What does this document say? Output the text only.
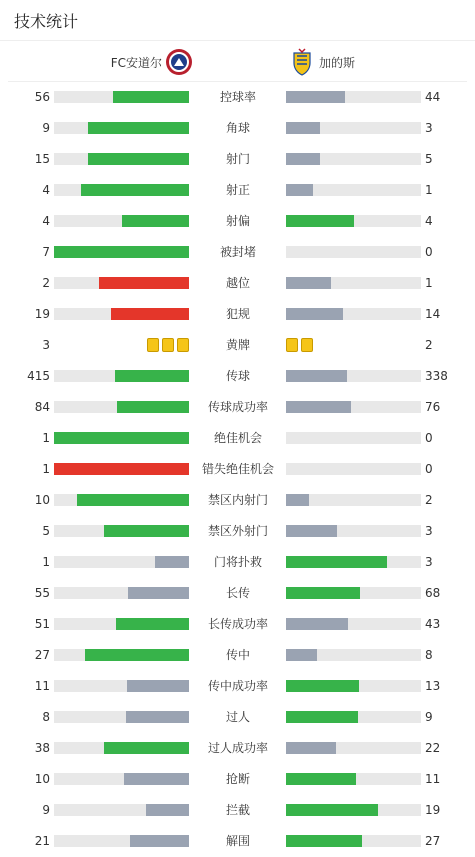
技术统计
FC安道尔	加的斯
56	控球率	44
9	角球	3
15	射门	5
4	射正	1
4	射偏	4
7	被封堵	0
2	越位	1
19	犯规	14
3	黄牌	2
415	传球	338
84	传球成功率	76
1	绝佳机会	0
1	错失绝佳机会	0
10	禁区内射门	2
5	禁区外射门	3
1	门将扑救	3
55	长传	68
51	长传成功率	43
27	传中	8
11	传中成功率	13
8	过人	9
38	过人成功率	22
10	抢断	11
9	拦截	19
21	解围	27
